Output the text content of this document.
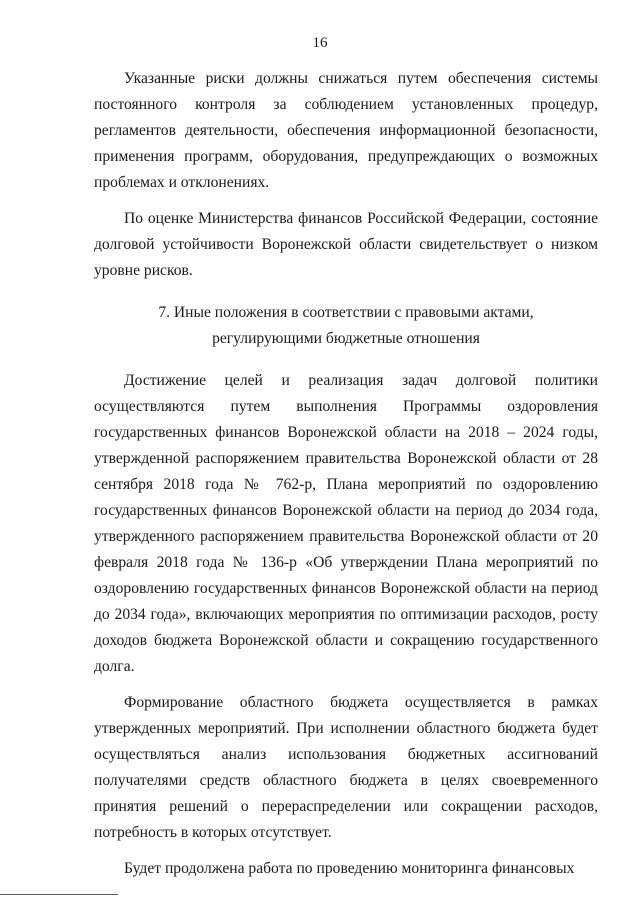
16

Указанные риски должны снижаться путем обеспечения системы постоянного контроля за соблюдением установленных процедур, регламентов деятельности, обеспечения информационной безопасности, применения программ, оборудования, предупреждающих о возможных проблемах и отклонениях.

По оценке Министерства финансов Российской Федерации, состояние долговой устойчивости Воронежской области свидетельствует о низком уровне рисков.

7. Иные положения в соответствии с правовыми актами,
регулирующими бюджетные отношения

Достижение целей и реализация задач долговой политики осуществляются путем выполнения Программы оздоровления государственных финансов Воронежской области на 2018 – 2024 годы, утвержденной распоряжением правительства Воронежской области от 28 сентября 2018 года № 762-р, Плана мероприятий по оздоровлению государственных финансов Воронежской области на период до 2034 года, утвержденного распоряжением правительства Воронежской области от 20 февраля 2018 года № 136-р «Об утверждении Плана мероприятий по оздоровлению государственных финансов Воронежской области на период до 2034 года», включающих мероприятия по оптимизации расходов, росту доходов бюджета Воронежской области и сокращению государственного долга.

Формирование областного бюджета осуществляется в рамках утвержденных мероприятий. При исполнении областного бюджета будет осуществляться анализ использования бюджетных ассигнований получателями средств областного бюджета в целях своевременного принятия решений о перераспределении или сокращении расходов, потребность в которых отсутствует.

Будет продолжена работа по проведению мониторинга финансовых
